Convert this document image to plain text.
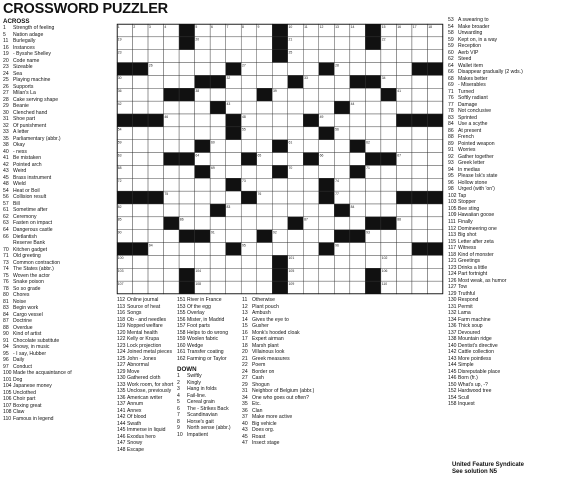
CROSSWORD PUZZLER
ACROSS
1	Strength of feeling
5	Nation adage
11 Burlegally
16 Instances
19 - Bysshe Shelley
20 Code name
23 Sizeable
24 Sea
25 Playing machine
26 Supports
27 Milan's La
28 Cake serving shape
29 Beanie
30 Clenched hand
31 Shoe part
32 Of punishment
33 A letter
35 Parliamentary (abbr.)
38 Okay
40 - ness
41 Be mistaken
42 Pointed arch
43 Weird
45 Brass instrument
48 Wield
54 Heat or Boil
56 Collision result
57 Bill
61 Sometime after
62 Ceremony
63 Fasten on impact
64 Dangerous castle
66 Dietlantish
Reserve Bank
70 Kitchen gadget
71 Old greeting
73 Common contraction
74 The States (abbr.)
75 Woven the actor
76 Snake poison
78 So so grade
80 Chores
81 Noise
83 Begin work
84 Cargo vessel
87 Doctrine
88 Overdue
90 Kind of artist
91 Chocolate substitute
94 Snowy, in music
95 - I say, Hubber
96 Daily
97 Conduct
100 Made the acquaintance of
101 Dog
104 Japanese money
105 Unclothed
106 Choir part
107 Boxing great
108 Claw
110 Famous in legend
1	2	3	4	5	6	7	8	9	10	11	12	13	14	15	16	17	18
19	20	21	22
23	25
26	27	28
30	32	33	34
36	38	39	41
42	43	44
46	48	49
54	55	56
59	60	61	62
63	64	65	66	67
68	69	70	71
72	73	74
75	76	77
82	83	84
85	86	87	88
90	91	92	93
94	95	96
100	101	102
103	104	105	106
107	108	109	110
112 Online journal
113 Source of heat
116 Songs
118 Ob - and needles
119 Nopped welfare
120 Mental health
122 Kelly or Krupa
123 Lock projection
124 Joined metal pieces
125 John - Jones
127 Abnormal
129 Move
130 Gathered cloth
133 Work room, for short
135 Unclose, previously
136 American writer
137 Annum
141 Annex
142 Of blood
144 Swath
145 Immerse in liquid
146 Exodus hero
147 Snowy
148 Escape
151 River in France
153 Of the egg
155 Overlay
156 Mister, in Madrid
157 Foot parts
158 Helps to do wrong
159 Woolen fabric
160 Wedge
161 Transfer coating
162 Farming or Taylor
DOWN
1	Swiftly
2	Kingly
3	Hang in folds
4	Fail-line.
5	Cereal grain
6	The - Strikes Back
7	Scandinavian
8	Horse's gait
9	North sense (abbr.)
10 Impatient
11 Otherwise
12 Plant pouch
13 Ambush
14 Gives the eye to
15 Gusher
16 Monk's hooded cloak
17 Expert airman
18 Marsh plant
20 Villainous look
21 Greek measures
22 Poem
24 Border on
27 Cash
29 Shogun
31 Neighbor of Belgium (abbr.)
34 One who goes out often?
35 Etc.
36 Clan
37 Make more active
40 Big vehicle
43 Does org.
45 Roast
47 Insect stage
53 A swearing to
54 Make broader
58 Unwarding
59 Kept on, in a way
59 Reception
60 Aerb VIP
62 Steed
64 Wallet item
66 Disappear gradually (2 wds.)
68 Makes better
69 - Miserables
71 Turned
76 Softly radiant
77 Damage
78 Not conclusive
83 Sprinted
84 Use a scythe
86 At present
88 French
89 Pointed weapon
91 Worries
92 Gather together
93 Greek letter
94 In medias
95 Please Isk's state
96 Hollow stone
98 Urged (with 'on')
102 Tap
103 Stopper
105 Bee sting
109 Hawaiian goose
111 Finally
112 Domineering one
113 Big shot
115 Letter after zeta
117 Witness
118 Kind of monster
121 Greetings
123 Drinks a little
124 Part fortnight
126 Most weak, as humor
127 Tow
129 Truthful
130 Respond
131 Permit
132 Lama
134 Farm machine
136 Thick soup
137 Devoured
138 Mountain ridge
140 Dentist's directive
142 Cattle collection
143 More pointless
144 Simple
145 Disreputable place
146 Born (fr.)
150 What's up, -?
152 Hardwood tree
154 Scull
158 Inquest
United Feature Syndicate
See solution N5
